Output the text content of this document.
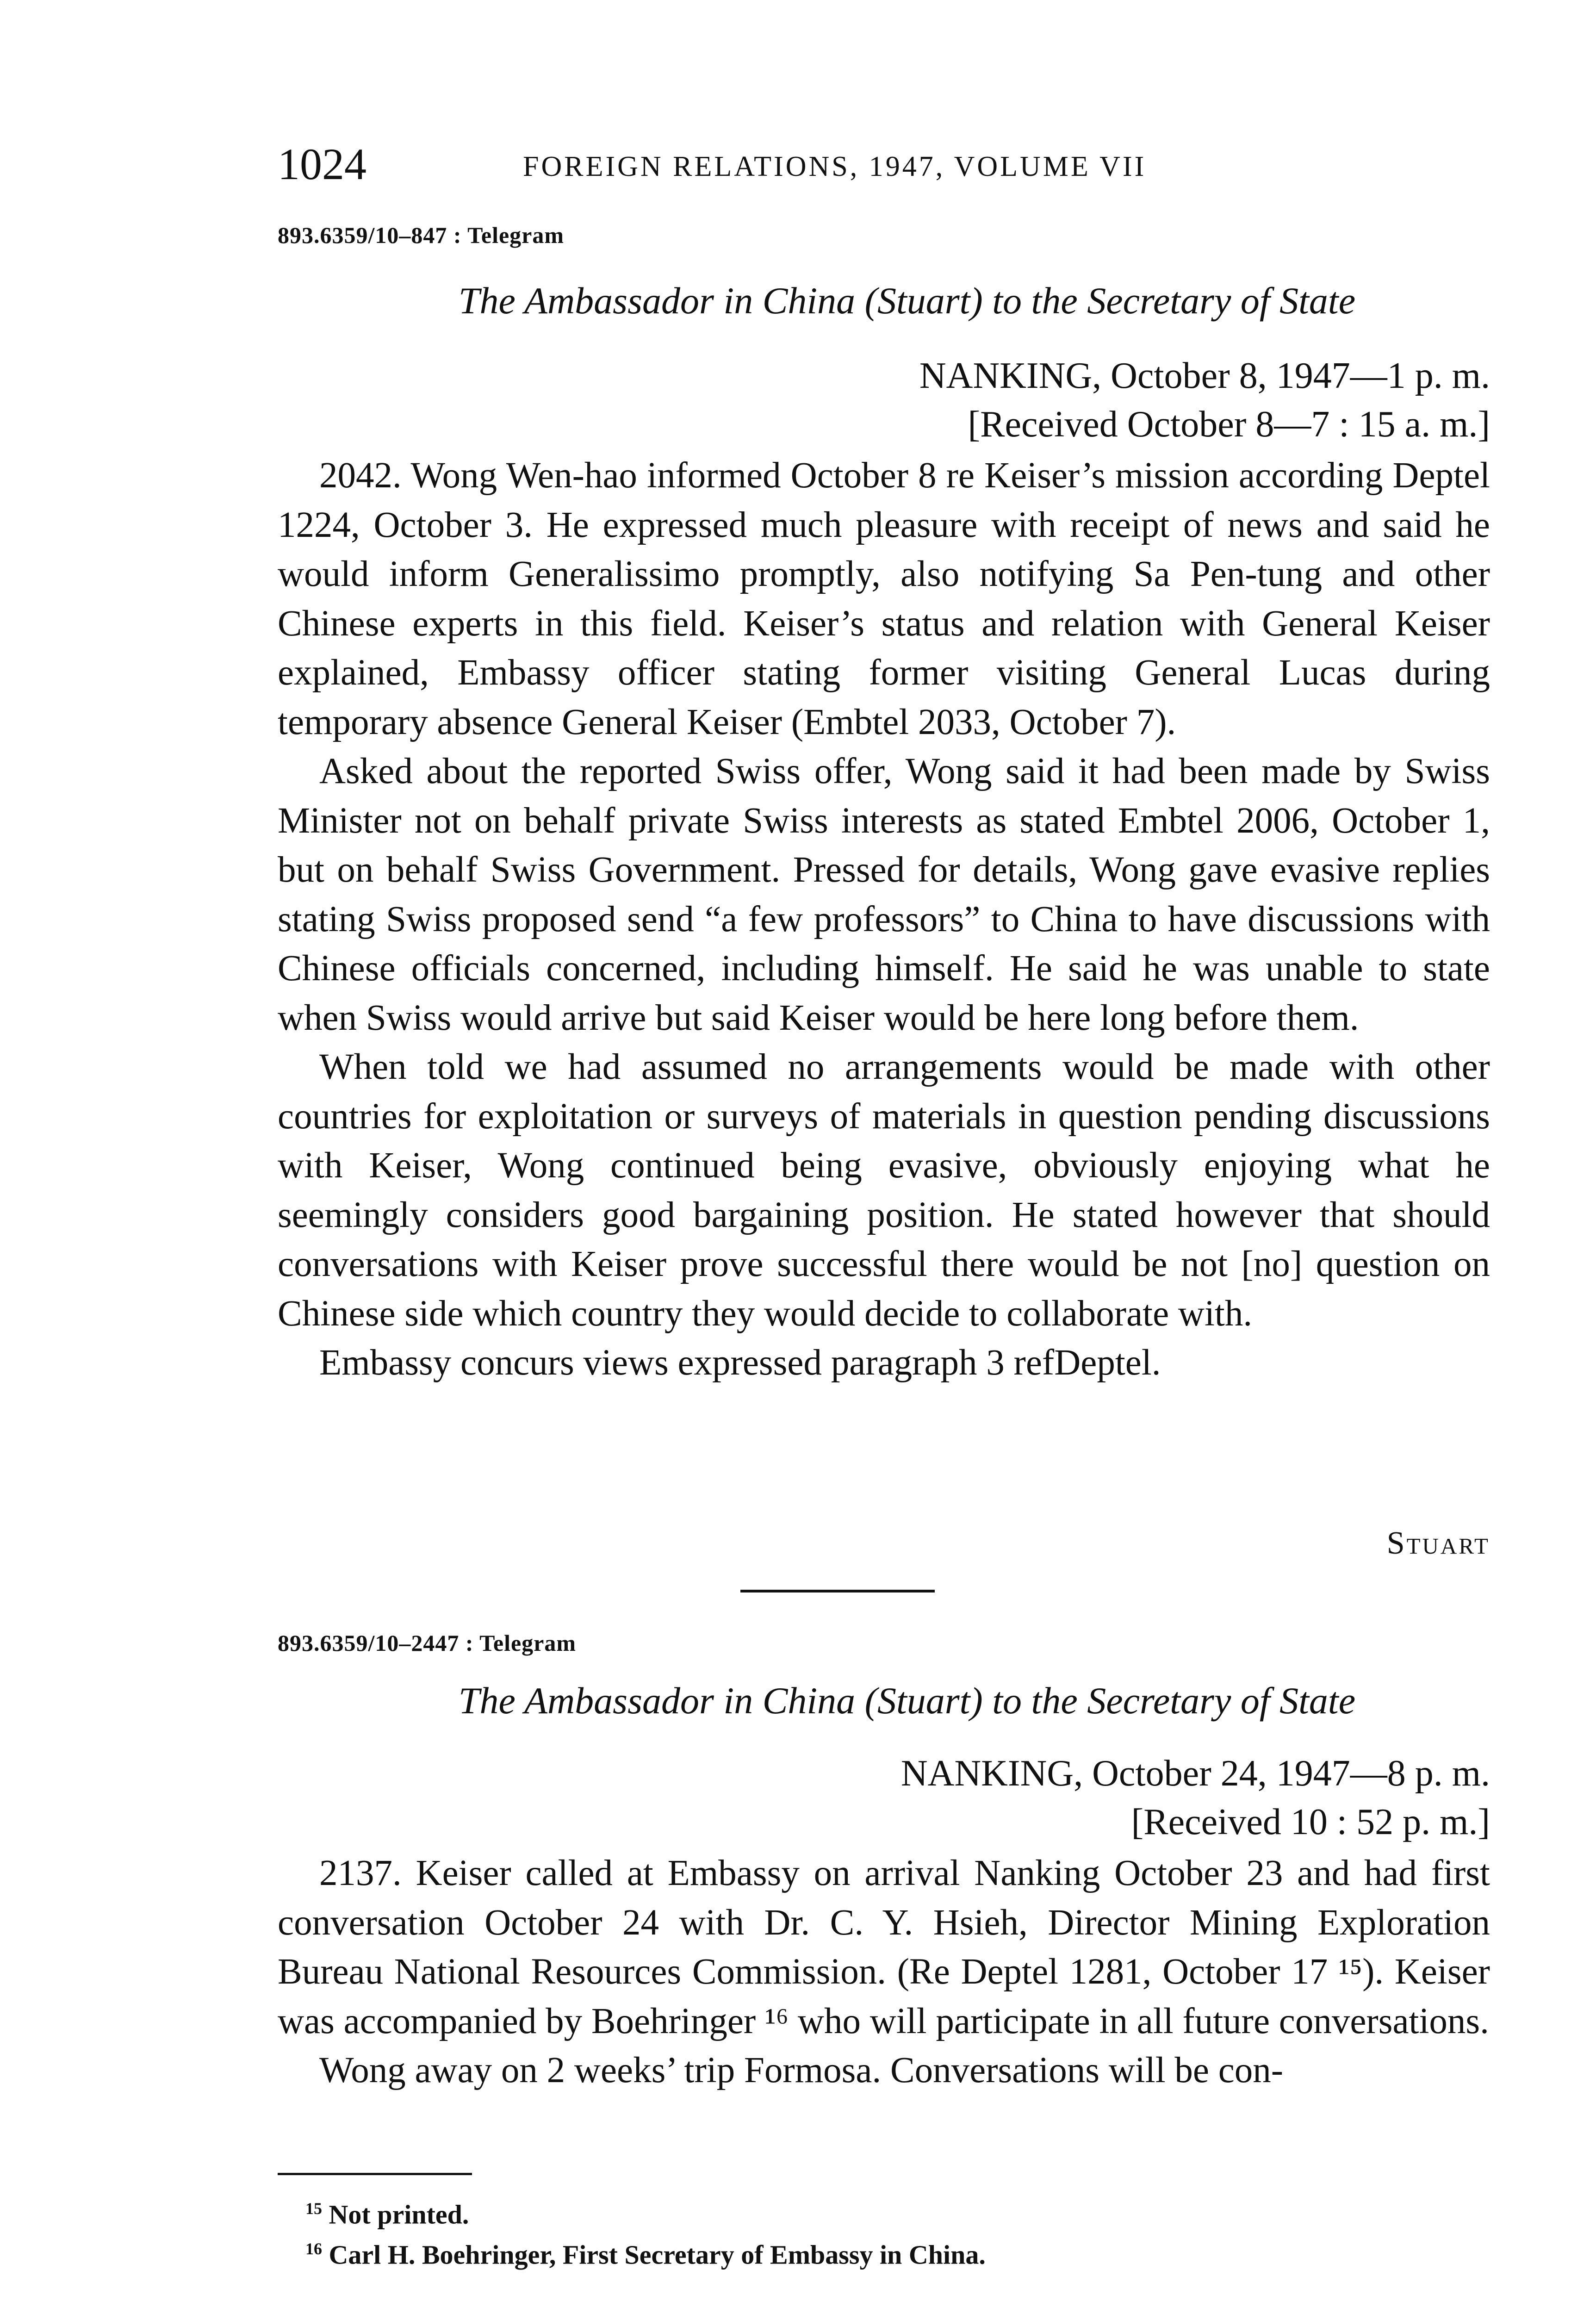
1024	FOREIGN RELATIONS, 1947, VOLUME VII
893.6359/10–847 : Telegram
The Ambassador in China (Stuart) to the Secretary of State
NANKING, October 8, 1947—1 p. m.
[Received October 8—7 : 15 a. m.]

2042. Wong Wen-hao informed October 8 re Keiser’s mission according Deptel 1224, October 3. He expressed much pleasure with receipt of news and said he would inform Generalissimo promptly, also notifying Sa Pen-tung and other Chinese experts in this field. Keiser’s status and relation with General Keiser explained, Embassy officer stating former visiting General Lucas during temporary absence General Keiser (Embtel 2033, October 7).

Asked about the reported Swiss offer, Wong said it had been made by Swiss Minister not on behalf private Swiss interests as stated Embtel 2006, October 1, but on behalf Swiss Government. Pressed for details, Wong gave evasive replies stating Swiss proposed send “a few professors” to China to have discussions with Chinese officials concerned, including himself. He said he was unable to state when Swiss would arrive but said Keiser would be here long before them.

When told we had assumed no arrangements would be made with other countries for exploitation or surveys of materials in question pending discussions with Keiser, Wong continued being evasive, obviously enjoying what he seemingly considers good bargaining position. He stated however that should conversations with Keiser prove successful there would be not [no] question on Chinese side which country they would decide to collaborate with.

Embassy concurs views expressed paragraph 3 refDeptel.

Stuart
893.6359/10–2447 : Telegram
The Ambassador in China (Stuart) to the Secretary of State
NANKING, October 24, 1947—8 p. m.
[Received 10 : 52 p. m.]

2137. Keiser called at Embassy on arrival Nanking October 23 and had first conversation October 24 with Dr. C. Y. Hsieh, Director Mining Exploration Bureau National Resources Commission. (Re Deptel 1281, October 17 ¹⁵). Keiser was accompanied by Boehringer ¹⁶ who will participate in all future conversations.

Wong away on 2 weeks’ trip Formosa. Conversations will be con-

$^{15}$ Not printed.
$^{16}$ Carl H. Boehringer, First Secretary of Embassy in China.
